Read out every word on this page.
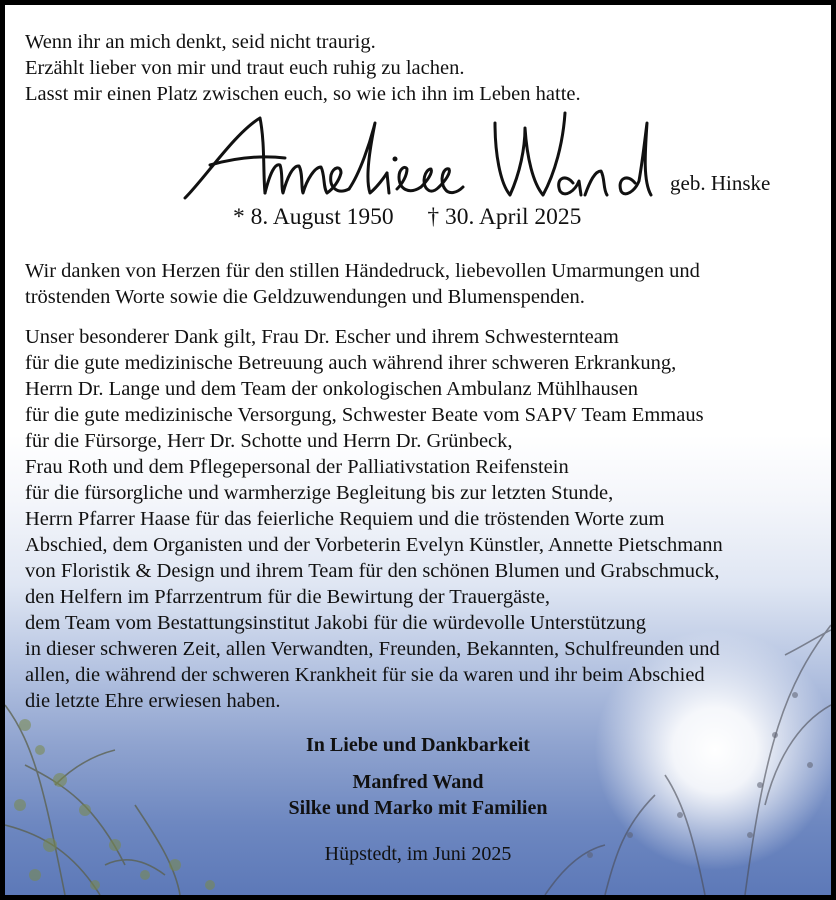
Wenn ihr an mich denkt, seid nicht traurig.
Erzählt lieber von mir und traut euch ruhig zu lachen.
Lasst mir einen Platz zwischen euch, so wie ich ihn im Leben hatte.
geb. Hinske
* 8. August 1950 † 30. April 2025
Wir danken von Herzen für den stillen Händedruck, liebevollen Umarmungen und
tröstenden Worte sowie die Geldzuwendungen und Blumenspenden.
Unser besonderer Dank gilt, Frau Dr. Escher und ihrem Schwesternteam
für die gute medizinische Betreuung auch während ihrer schweren Erkrankung,
Herrn Dr. Lange und dem Team der onkologischen Ambulanz Mühlhausen
für die gute medizinische Versorgung, Schwester Beate vom SAPV Team Emmaus
für die Fürsorge, Herr Dr. Schotte und Herrn Dr. Grünbeck,
Frau Roth und dem Pflegepersonal der Palliativstation Reifenstein
für die fürsorgliche und warmherzige Begleitung bis zur letzten Stunde,
Herrn Pfarrer Haase für das feierliche Requiem und die tröstenden Worte zum
Abschied, dem Organisten und der Vorbeterin Evelyn Künstler, Annette Pietschmann
von Floristik & Design und ihrem Team für den schönen Blumen und Grabschmuck,
den Helfern im Pfarrzentrum für die Bewirtung der Trauergäste,
dem Team vom Bestattungsinstitut Jakobi für die würdevolle Unterstützung
in dieser schweren Zeit, allen Verwandten, Freunden, Bekannten, Schulfreunden und
allen, die während der schweren Krankheit für sie da waren und ihr beim Abschied
die letzte Ehre erwiesen haben.
In Liebe und Dankbarkeit
Manfred Wand
Silke und Marko mit Familien
Hüpstedt, im Juni 2025
